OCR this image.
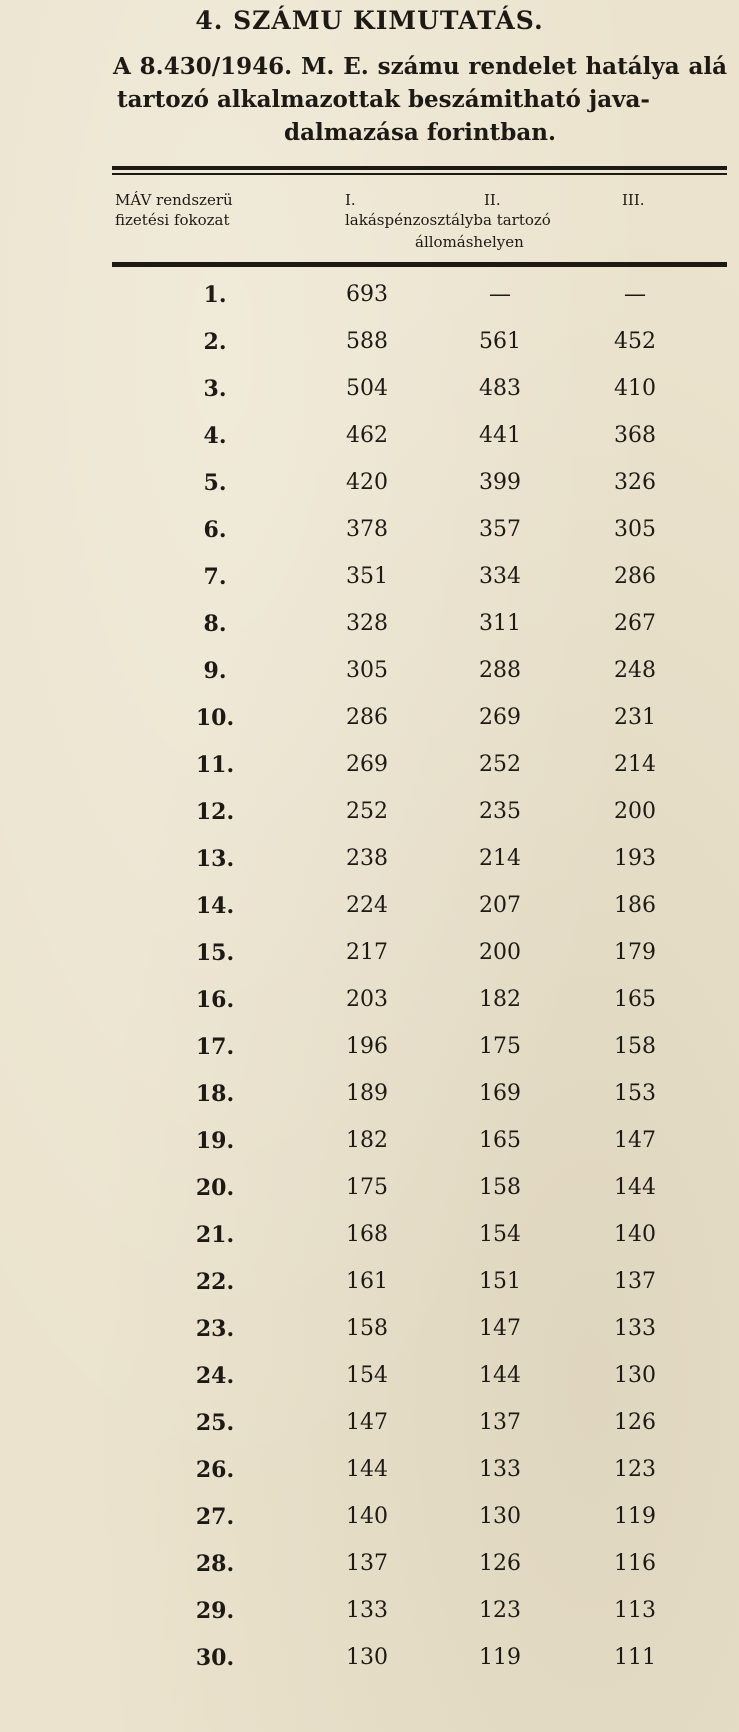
4. SZÁMU KIMUTATÁS.
A 8.430/1946. M. E. számu rendelet hatálya alá tartozó alkalmazottak beszámitható java-
dalmazása forintban.
MÁV rendszerü	I.	II.	III.
fizetési fokozat	lakáspénzosztályba tartozó
állomáshelyen
1.	693	—	—
2.	588	561	452
3.	504	483	410
4.	462	441	368
5.	420	399	326
6.	378	357	305
7.	351	334	286
8.	328	311	267
9.	305	288	248
10.	286	269	231
11.	269	252	214
12.	252	235	200
13.	238	214	193
14.	224	207	186
15.	217	200	179
16.	203	182	165
17.	196	175	158
18.	189	169	153
19.	182	165	147
20.	175	158	144
21.	168	154	140
22.	161	151	137
23.	158	147	133
24.	154	144	130
25.	147	137	126
26.	144	133	123
27.	140	130	119
28.	137	126	116
29.	133	123	113
30.	130	119	111
